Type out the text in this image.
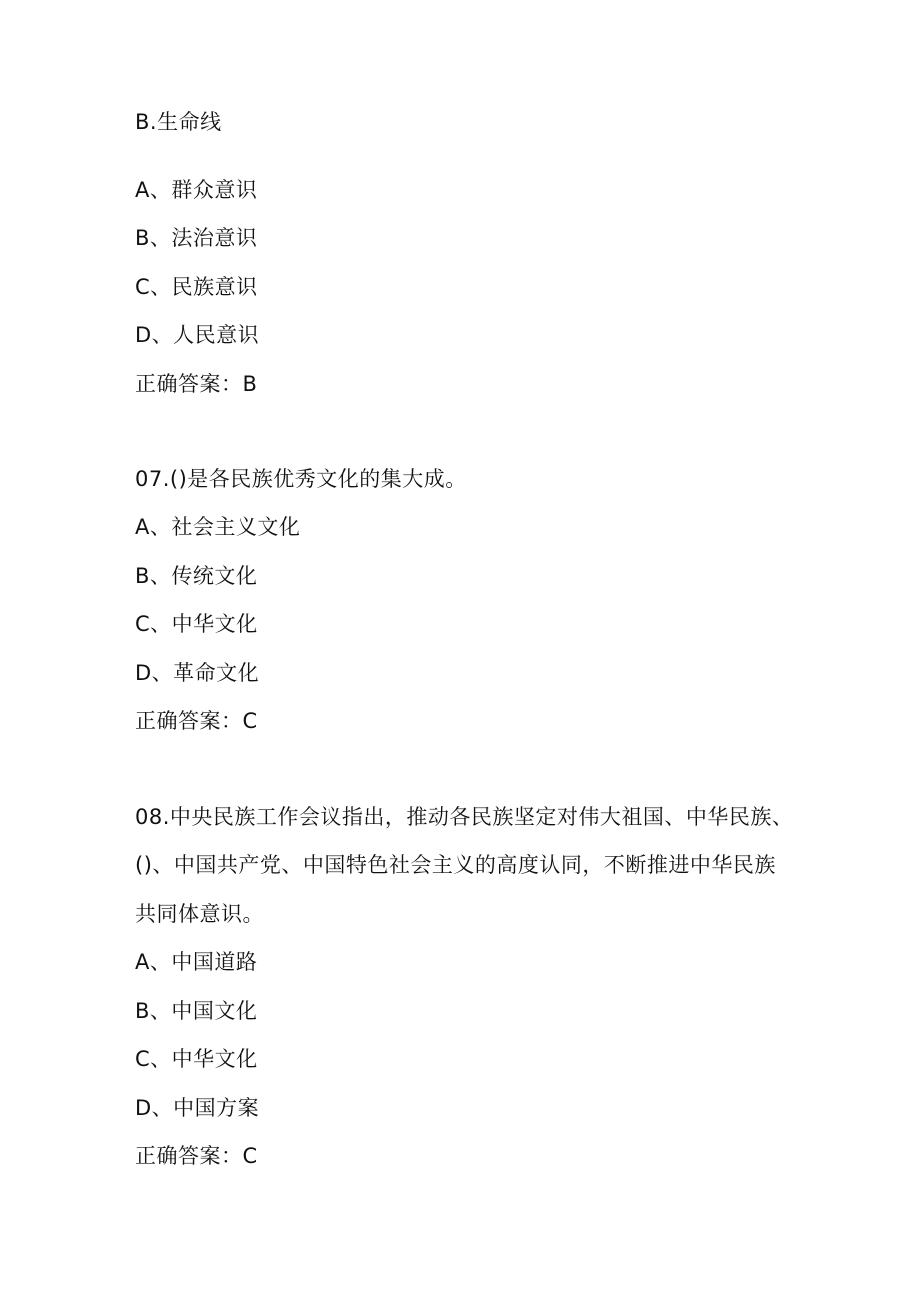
B.生命线
A、群众意识
B、法治意识
C、民族意识
D、人民意识
正确答案：B
07.()是各民族优秀文化的集大成。
A、社会主义文化
B、传统文化
C、中华文化
D、革命文化
正确答案：C
08.中央民族工作会议指出，推动各民族坚定对伟大祖国、中华民族、
()、中国共产党、中国特色社会主义的高度认同，不断推进中华民族
共同体意识。
A、中国道路
B、中国文化
C、中华文化
D、中国方案
正确答案：C
